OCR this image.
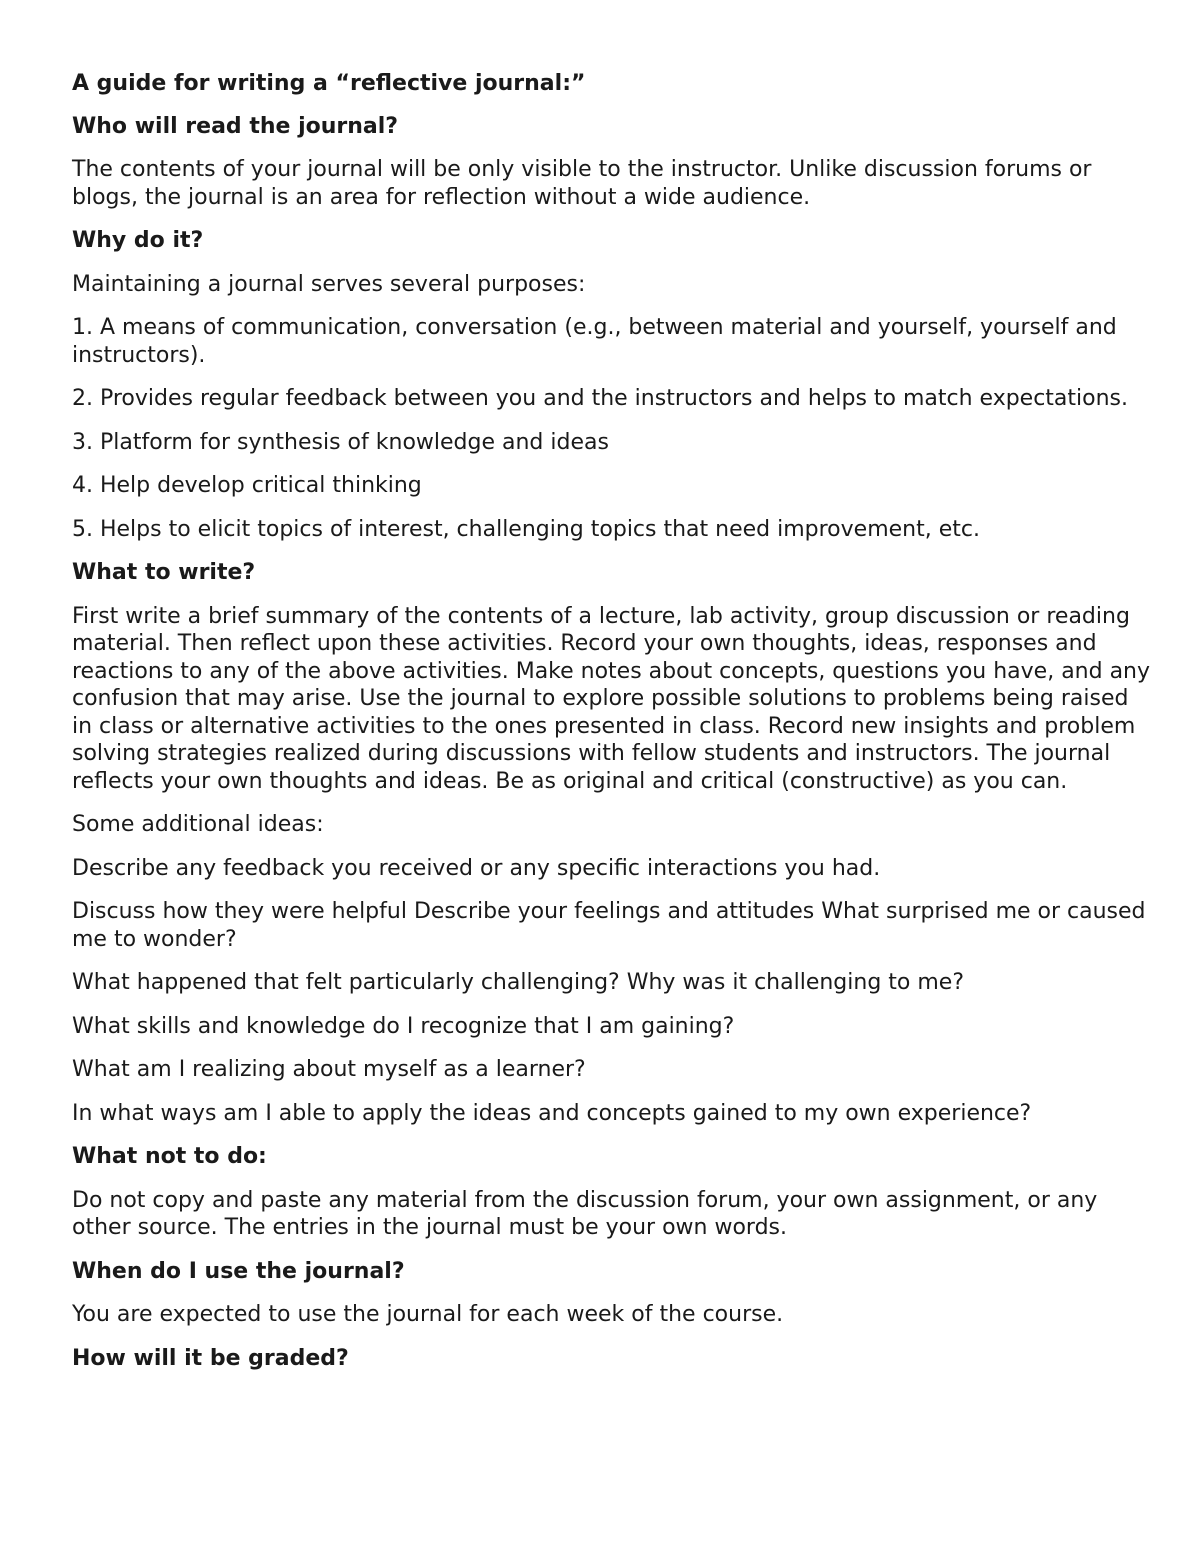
A guide for writing a “reflective journal:”
Who will read the journal?

The contents of your journal will be only visible to the instructor. Unlike discussion forums or blogs, the journal is an area for reflection without a wide audience.

Why do it?

Maintaining a journal serves several purposes:

1. A means of communication, conversation (e.g., between material and yourself, yourself and instructors).

2. Provides regular feedback between you and the instructors and helps to match expectations.

3. Platform for synthesis of knowledge and ideas

4. Help develop critical thinking

5. Helps to elicit topics of interest, challenging topics that need improvement, etc.

What to write?

First write a brief summary of the contents of a lecture, lab activity, group discussion or reading material. Then reflect upon these activities. Record your own thoughts, ideas, responses and reactions to any of the above activities. Make notes about concepts, questions you have, and any confusion that may arise. Use the journal to explore possible solutions to problems being raised in class or alternative activities to the ones presented in class. Record new insights and problem solving strategies realized during discussions with fellow students and instructors. The journal reflects your own thoughts and ideas. Be as original and critical (constructive) as you can.

Some additional ideas:

Describe any feedback you received or any specific interactions you had.

Discuss how they were helpful Describe your feelings and attitudes What surprised me or caused me to wonder?

What happened that felt particularly challenging? Why was it challenging to me?

What skills and knowledge do I recognize that I am gaining?

What am I realizing about myself as a learner?

In what ways am I able to apply the ideas and concepts gained to my own experience?

What not to do:

Do not copy and paste any material from the discussion forum, your own assignment, or any other source. The entries in the journal must be your own words.

When do I use the journal?

You are expected to use the journal for each week of the course.

How will it be graded?
